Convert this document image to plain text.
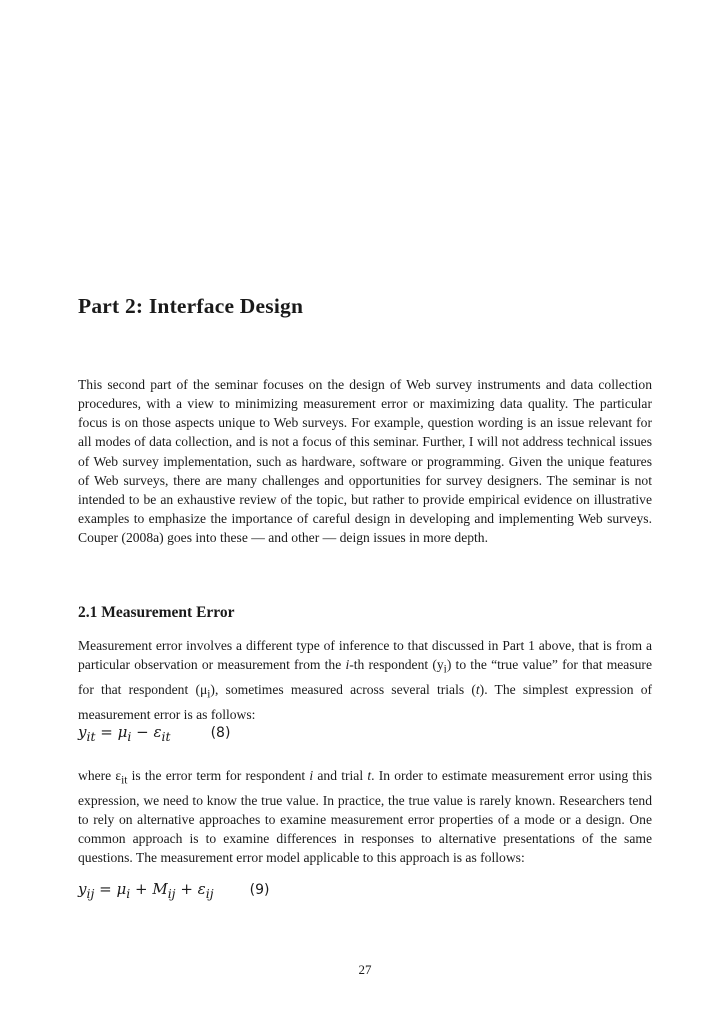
Part 2: Interface Design

This second part of the seminar focuses on the design of Web survey instruments and data collection procedures, with a view to minimizing measurement error or maximizing data quality. The particular focus is on those aspects unique to Web surveys. For example, question wording is an issue relevant for all modes of data collection, and is not a focus of this seminar. Further, I will not address technical issues of Web survey implementation, such as hardware, software or programming. Given the unique features of Web surveys, there are many challenges and opportunities for survey designers. The seminar is not intended to be an exhaustive review of the topic, but rather to provide empirical evidence on illustrative examples to emphasize the importance of careful design in developing and implementing Web surveys. Couper (2008a) goes into these — and other — deign issues in more depth.

2.1 Measurement Error

Measurement error involves a different type of inference to that discussed in Part 1 above, that is from a particular observation or measurement from the i-th respondent $(y_i)$ to the “true value” for that measure for that respondent $(\mu_i)$, sometimes measured across several trials (t). The simplest expression of measurement error is as follows:

$y_{it} = \mu_i - \varepsilon_{it}$	(8)

where $\varepsilon_{it}$ is the error term for respondent i and trial t. In order to estimate measurement error using this expression, we need to know the true value. In practice, the true value is rarely known. Researchers tend to rely on alternative approaches to examine measurement error properties of a mode or a design. One common approach is to examine differences in responses to alternative presentations of the same questions. The measurement error model applicable to this approach is as follows:

$y_{ij} = \mu_i + M_{ij} + \varepsilon_{ij}$	(9)
27
